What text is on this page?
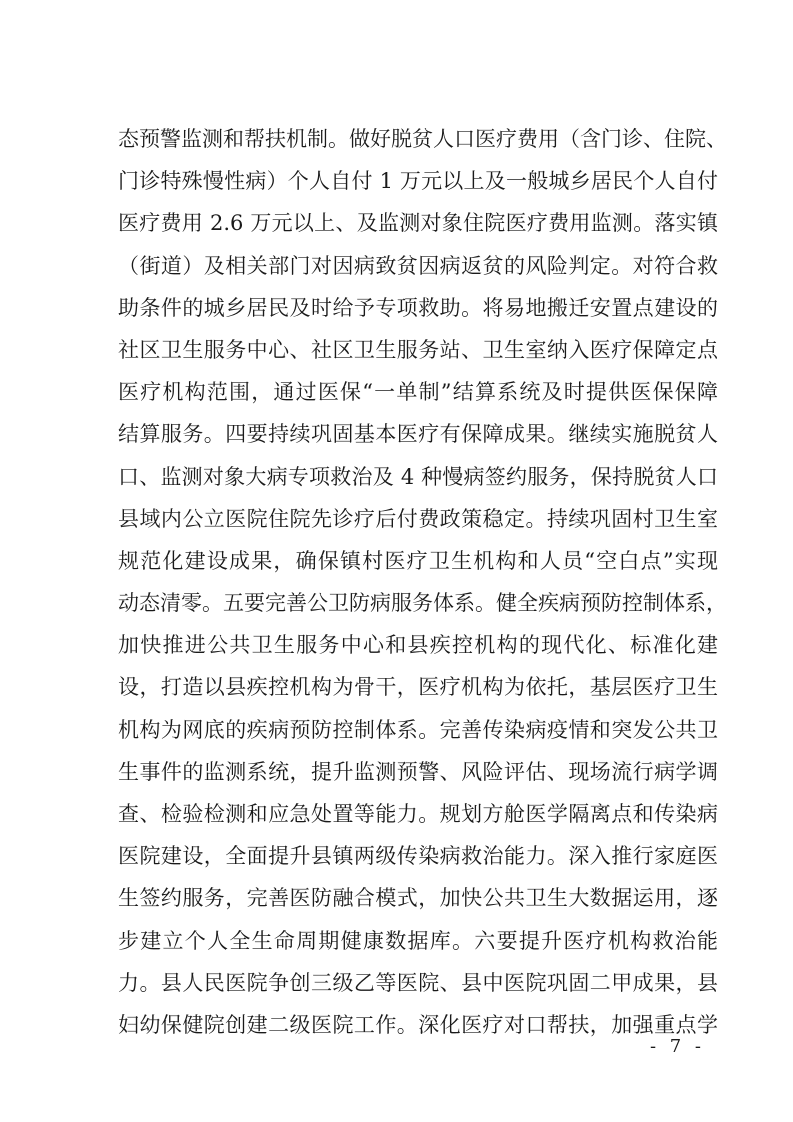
态预警监测和帮扶机制。做好脱贫人口医疗费用（含门诊、住院、
门诊特殊慢性病）个人自付 1 万元以上及一般城乡居民个人自付
医疗费用 2.6 万元以上、及监测对象住院医疗费用监测。落实镇
（街道）及相关部门对因病致贫因病返贫的风险判定。对符合救
助条件的城乡居民及时给予专项救助。将易地搬迁安置点建设的
社区卫生服务中心、社区卫生服务站、卫生室纳入医疗保障定点
医疗机构范围，通过医保“一单制”结算系统及时提供医保保障
结算服务。四要持续巩固基本医疗有保障成果。继续实施脱贫人
口、监测对象大病专项救治及 4 种慢病签约服务，保持脱贫人口
县域内公立医院住院先诊疗后付费政策稳定。持续巩固村卫生室
规范化建设成果，确保镇村医疗卫生机构和人员“空白点”实现
动态清零。五要完善公卫防病服务体系。健全疾病预防控制体系，
加快推进公共卫生服务中心和县疾控机构的现代化、标准化建
设，打造以县疾控机构为骨干，医疗机构为依托，基层医疗卫生
机构为网底的疾病预防控制体系。完善传染病疫情和突发公共卫
生事件的监测系统，提升监测预警、风险评估、现场流行病学调
查、检验检测和应急处置等能力。规划方舱医学隔离点和传染病
医院建设，全面提升县镇两级传染病救治能力。深入推行家庭医
生签约服务，完善医防融合模式，加快公共卫生大数据运用，逐
步建立个人全生命周期健康数据库。六要提升医疗机构救治能
力。县人民医院争创三级乙等医院、县中医院巩固二甲成果，县
妇幼保健院创建二级医院工作。深化医疗对口帮扶，加强重点学
- 7 -
